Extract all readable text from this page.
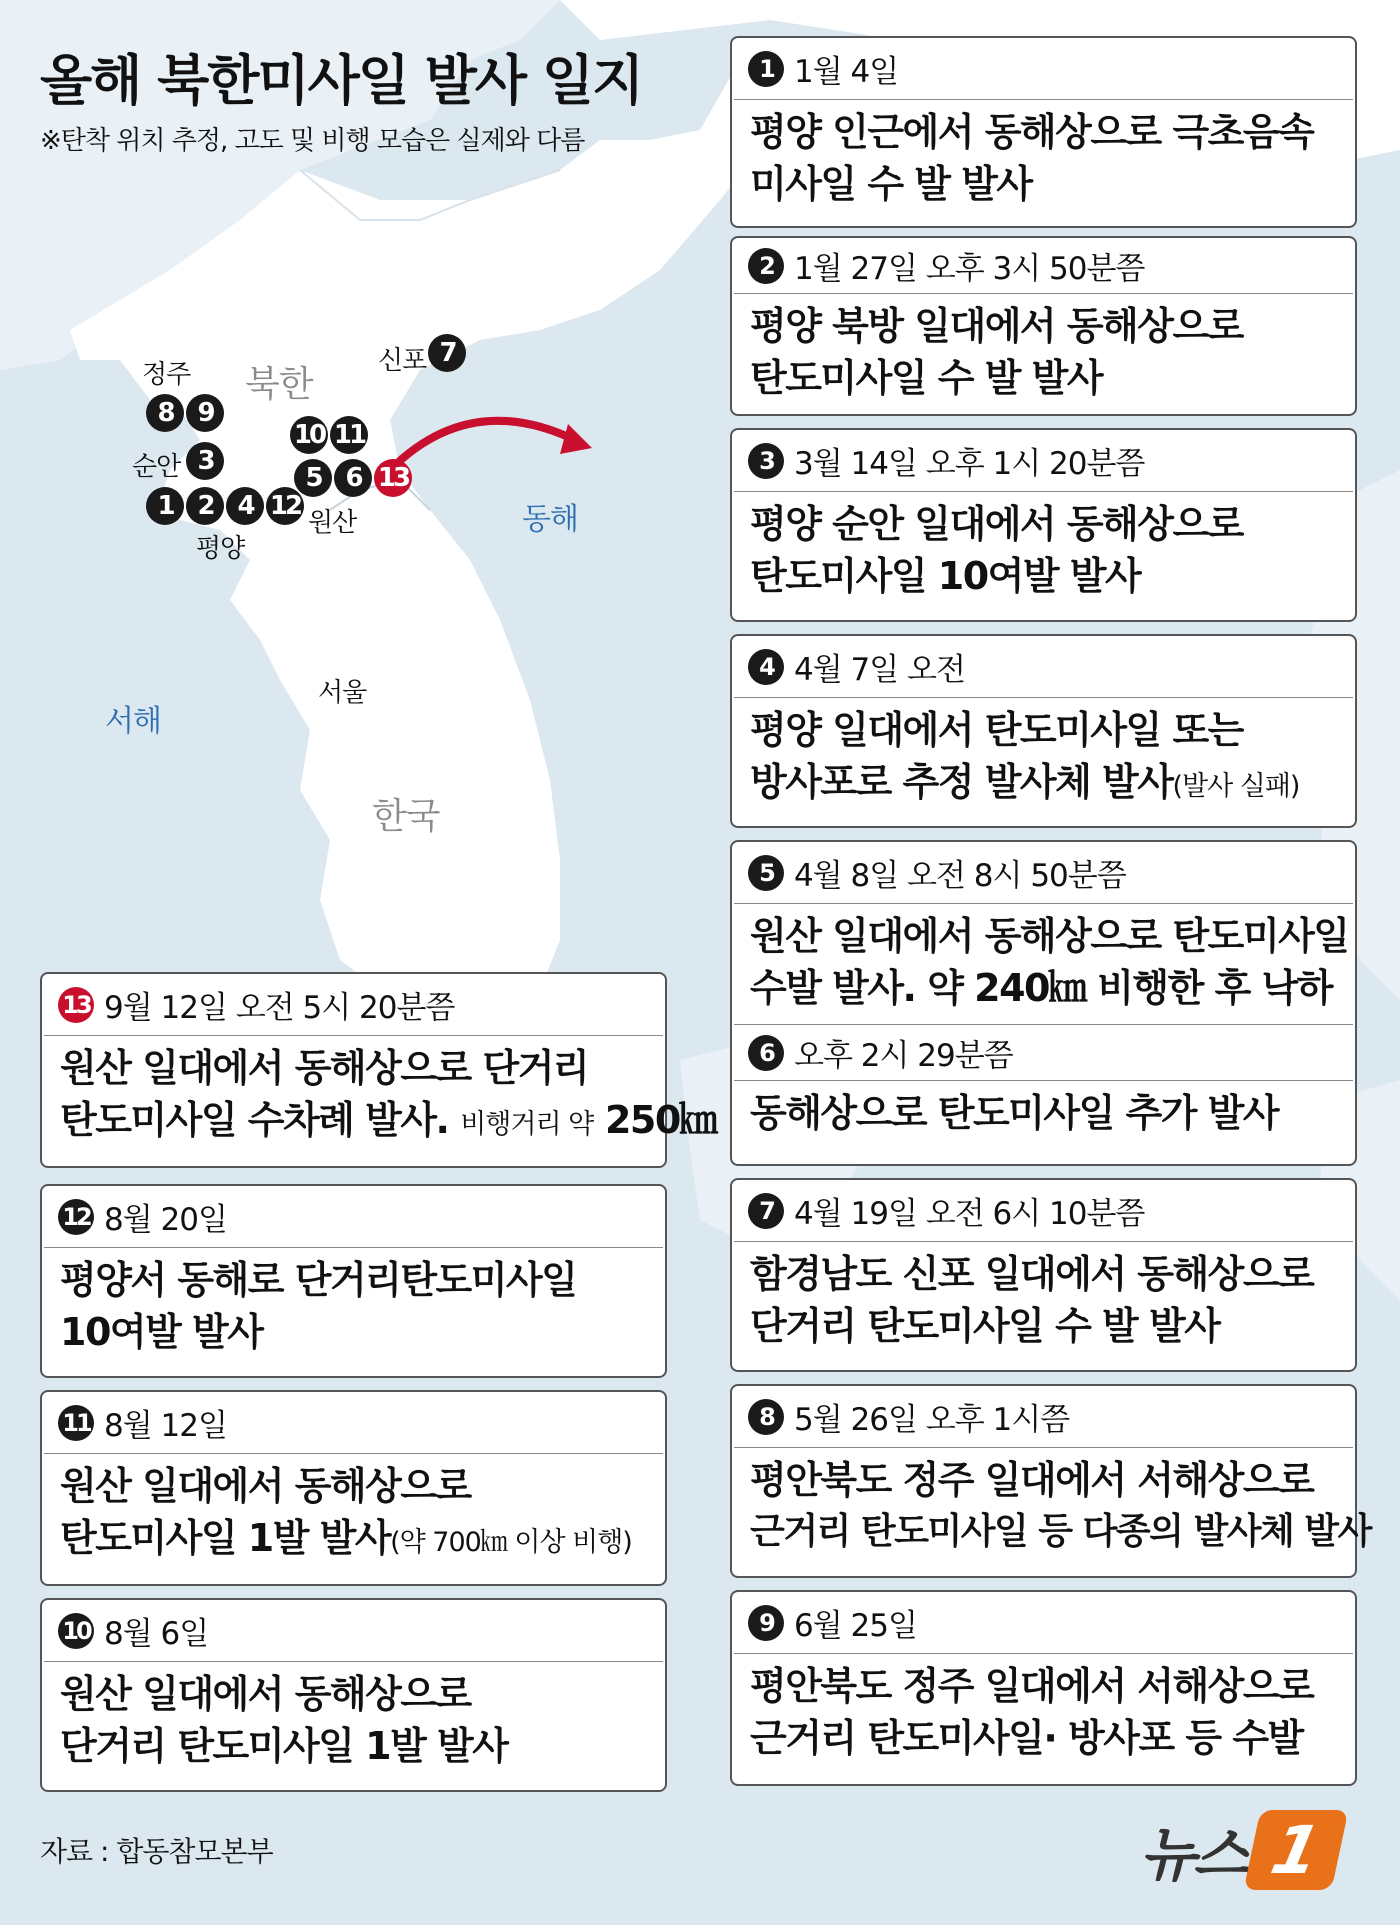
올해 북한미사일 발사 일지
※탄착 위치 추정, 고도 및 비행 모습은 실제와 다름
정주 북한
신포
순안
평양
원산	동해
서해
서울
한국
8 9
7
3
1 2 4 12
10 11
5 6 13
1 1월 4일
평양 인근에서 동해상으로 극초음속
미사일 수 발 발사
2 1월 27일 오후 3시 50분쯤
평양 북방 일대에서 동해상으로
탄도미사일 수 발 발사
3 3월 14일 오후 1시 20분쯤
평양 순안 일대에서 동해상으로
탄도미사일 10여발 발사
4 4월 7일 오전
평양 일대에서 탄도미사일 또는
방사포로 추정 발사체 발사(발사 실패)
5 4월 8일 오전 8시 50분쯤
원산 일대에서 동해상으로 탄도미사일
수발 발사. 약 240㎞ 비행한 후 낙하
6 오후 2시 29분쯤
동해상으로 탄도미사일 추가 발사
7 4월 19일 오전 6시 10분쯤
함경남도 신포 일대에서 동해상으로
단거리 탄도미사일 수 발 발사
8 5월 26일 오후 1시쯤
평안북도 정주 일대에서 서해상으로
근거리 탄도미사일 등 다종의 발사체 발사
9 6월 25일
평안북도 정주 일대에서 서해상으로
근거리 탄도미사일· 방사포 등 수발
13 9월 12일 오전 5시 20분쯤
원산 일대에서 동해상으로 단거리
탄도미사일 수차례 발사. 비행거리 약 250㎞
12 8월 20일
평양서 동해로 단거리탄도미사일
10여발 발사
11 8월 12일
원산 일대에서 동해상으로
탄도미사일 1발 발사(약 700㎞ 이상 비행)
10 8월 6일
원산 일대에서 동해상으로
단거리 탄도미사일 1발 발사
자료 : 합동참모본부	뉴스 1
